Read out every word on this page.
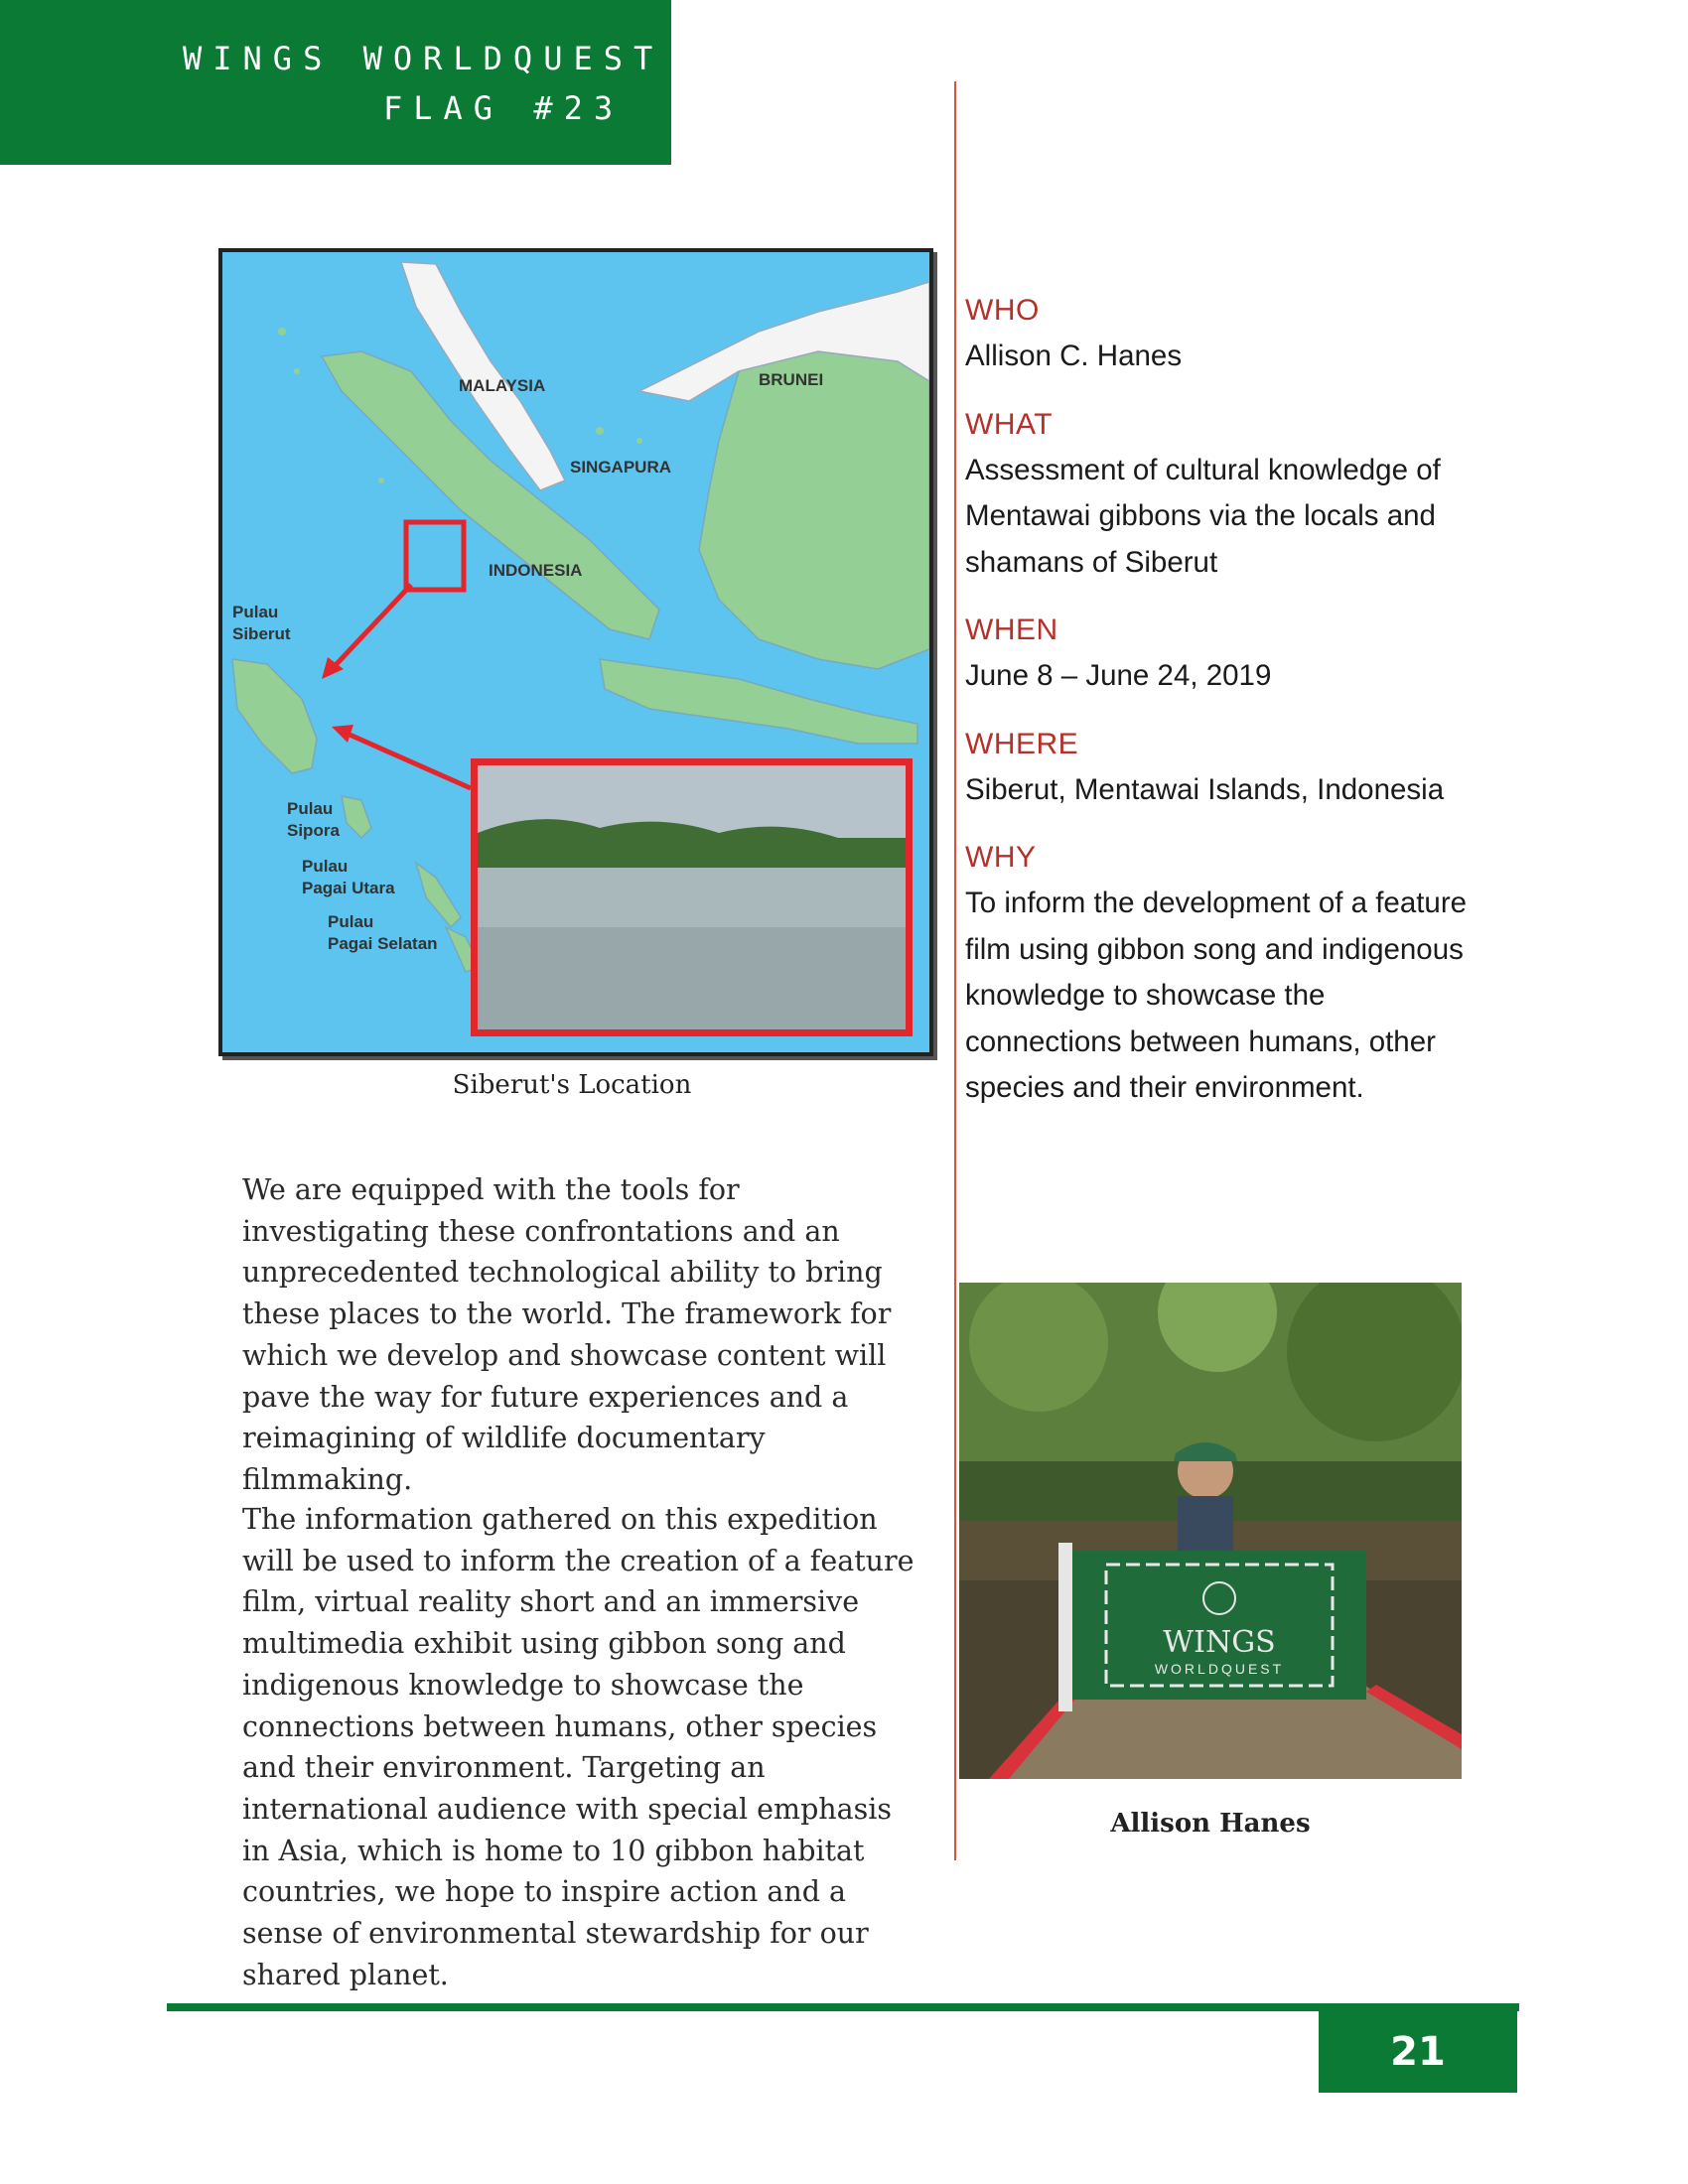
WINGS WORLDQUEST
FLAG #23
MALAYSIA	BRUNEI
SINGAPURA
INDONESIA
Pulau
Siberut
Pulau
Sipora
Pulau
Pagai Utara
Pulau
Pagai Selatan
Siberut's Location
We are equipped with the tools for investigating these confrontations and an unprecedented technological ability to bring these places to the world. The framework for which we develop and showcase content will pave the way for future experiences and a reimagining of wildlife documentary filmmaking.
The information gathered on this expedition will be used to inform the creation of a feature film, virtual reality short and an immersive multimedia exhibit using gibbon song and indigenous knowledge to showcase the connections between humans, other species and their environment. Targeting an international audience with special emphasis in Asia, which is home to 10 gibbon habitat countries, we hope to inspire action and a sense of environmental stewardship for our shared planet.
WHO
Allison C. Hanes
WHAT
Assessment of cultural knowledge of Mentawai gibbons via the locals and shamans of Siberut
WHEN
June 8 – June 24, 2019
WHERE
Siberut, Mentawai Islands, Indonesia
WHY
To inform the development of a feature film using gibbon song and indigenous knowledge to showcase the connections between humans, other species and their environment.
WINGS
WORLDQUEST
Allison Hanes
21
